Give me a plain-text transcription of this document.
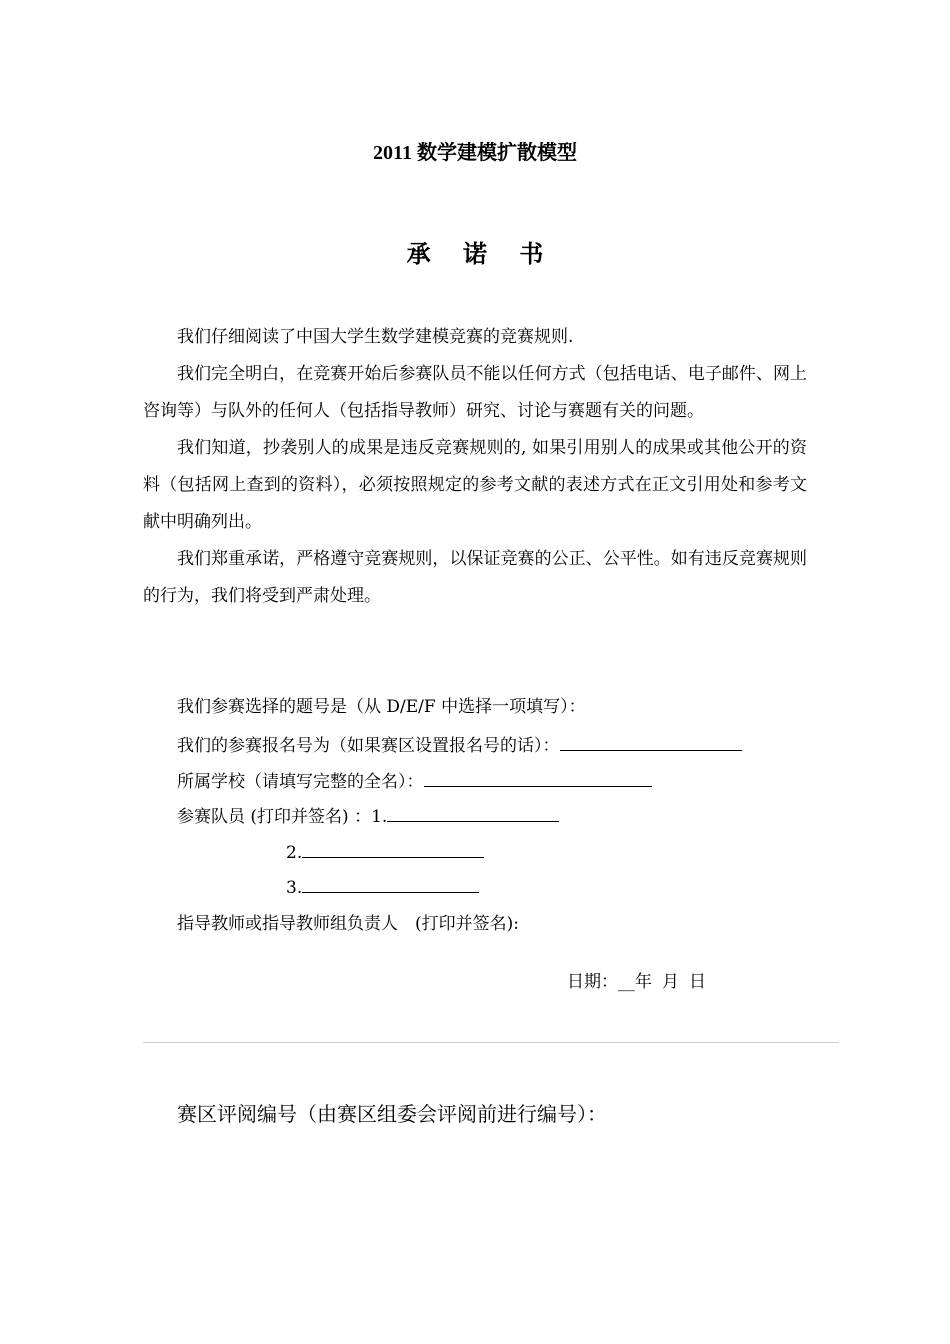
2011 数学建模扩散模型
承 诺 书

我们仔细阅读了中国大学生数学建模竞赛的竞赛规则.

我们完全明白，在竞赛开始后参赛队员不能以任何方式（包括电话、电子邮件、网上咨询等）与队外的任何人（包括指导教师）研究、讨论与赛题有关的问题。

我们知道，抄袭别人的成果是违反竞赛规则的, 如果引用别人的成果或其他公开的资料（包括网上查到的资料），必须按照规定的参考文献的表述方式在正文引用处和参考文献中明确列出。

我们郑重承诺，严格遵守竞赛规则，以保证竞赛的公正、公平性。如有违反竞赛规则的行为，我们将受到严肃处理。

我们参赛选择的题号是（从 D/E/F 中选择一项填写）：
我们的参赛报名号为（如果赛区设置报名号的话）：
所属学校（请填写完整的全名）：
参赛队员 (打印并签名) ：1.
2.
3.
指导教师或指导教师组负责人　(打印并签名):
日期：__年 月 日
赛区评阅编号（由赛区组委会评阅前进行编号）：
